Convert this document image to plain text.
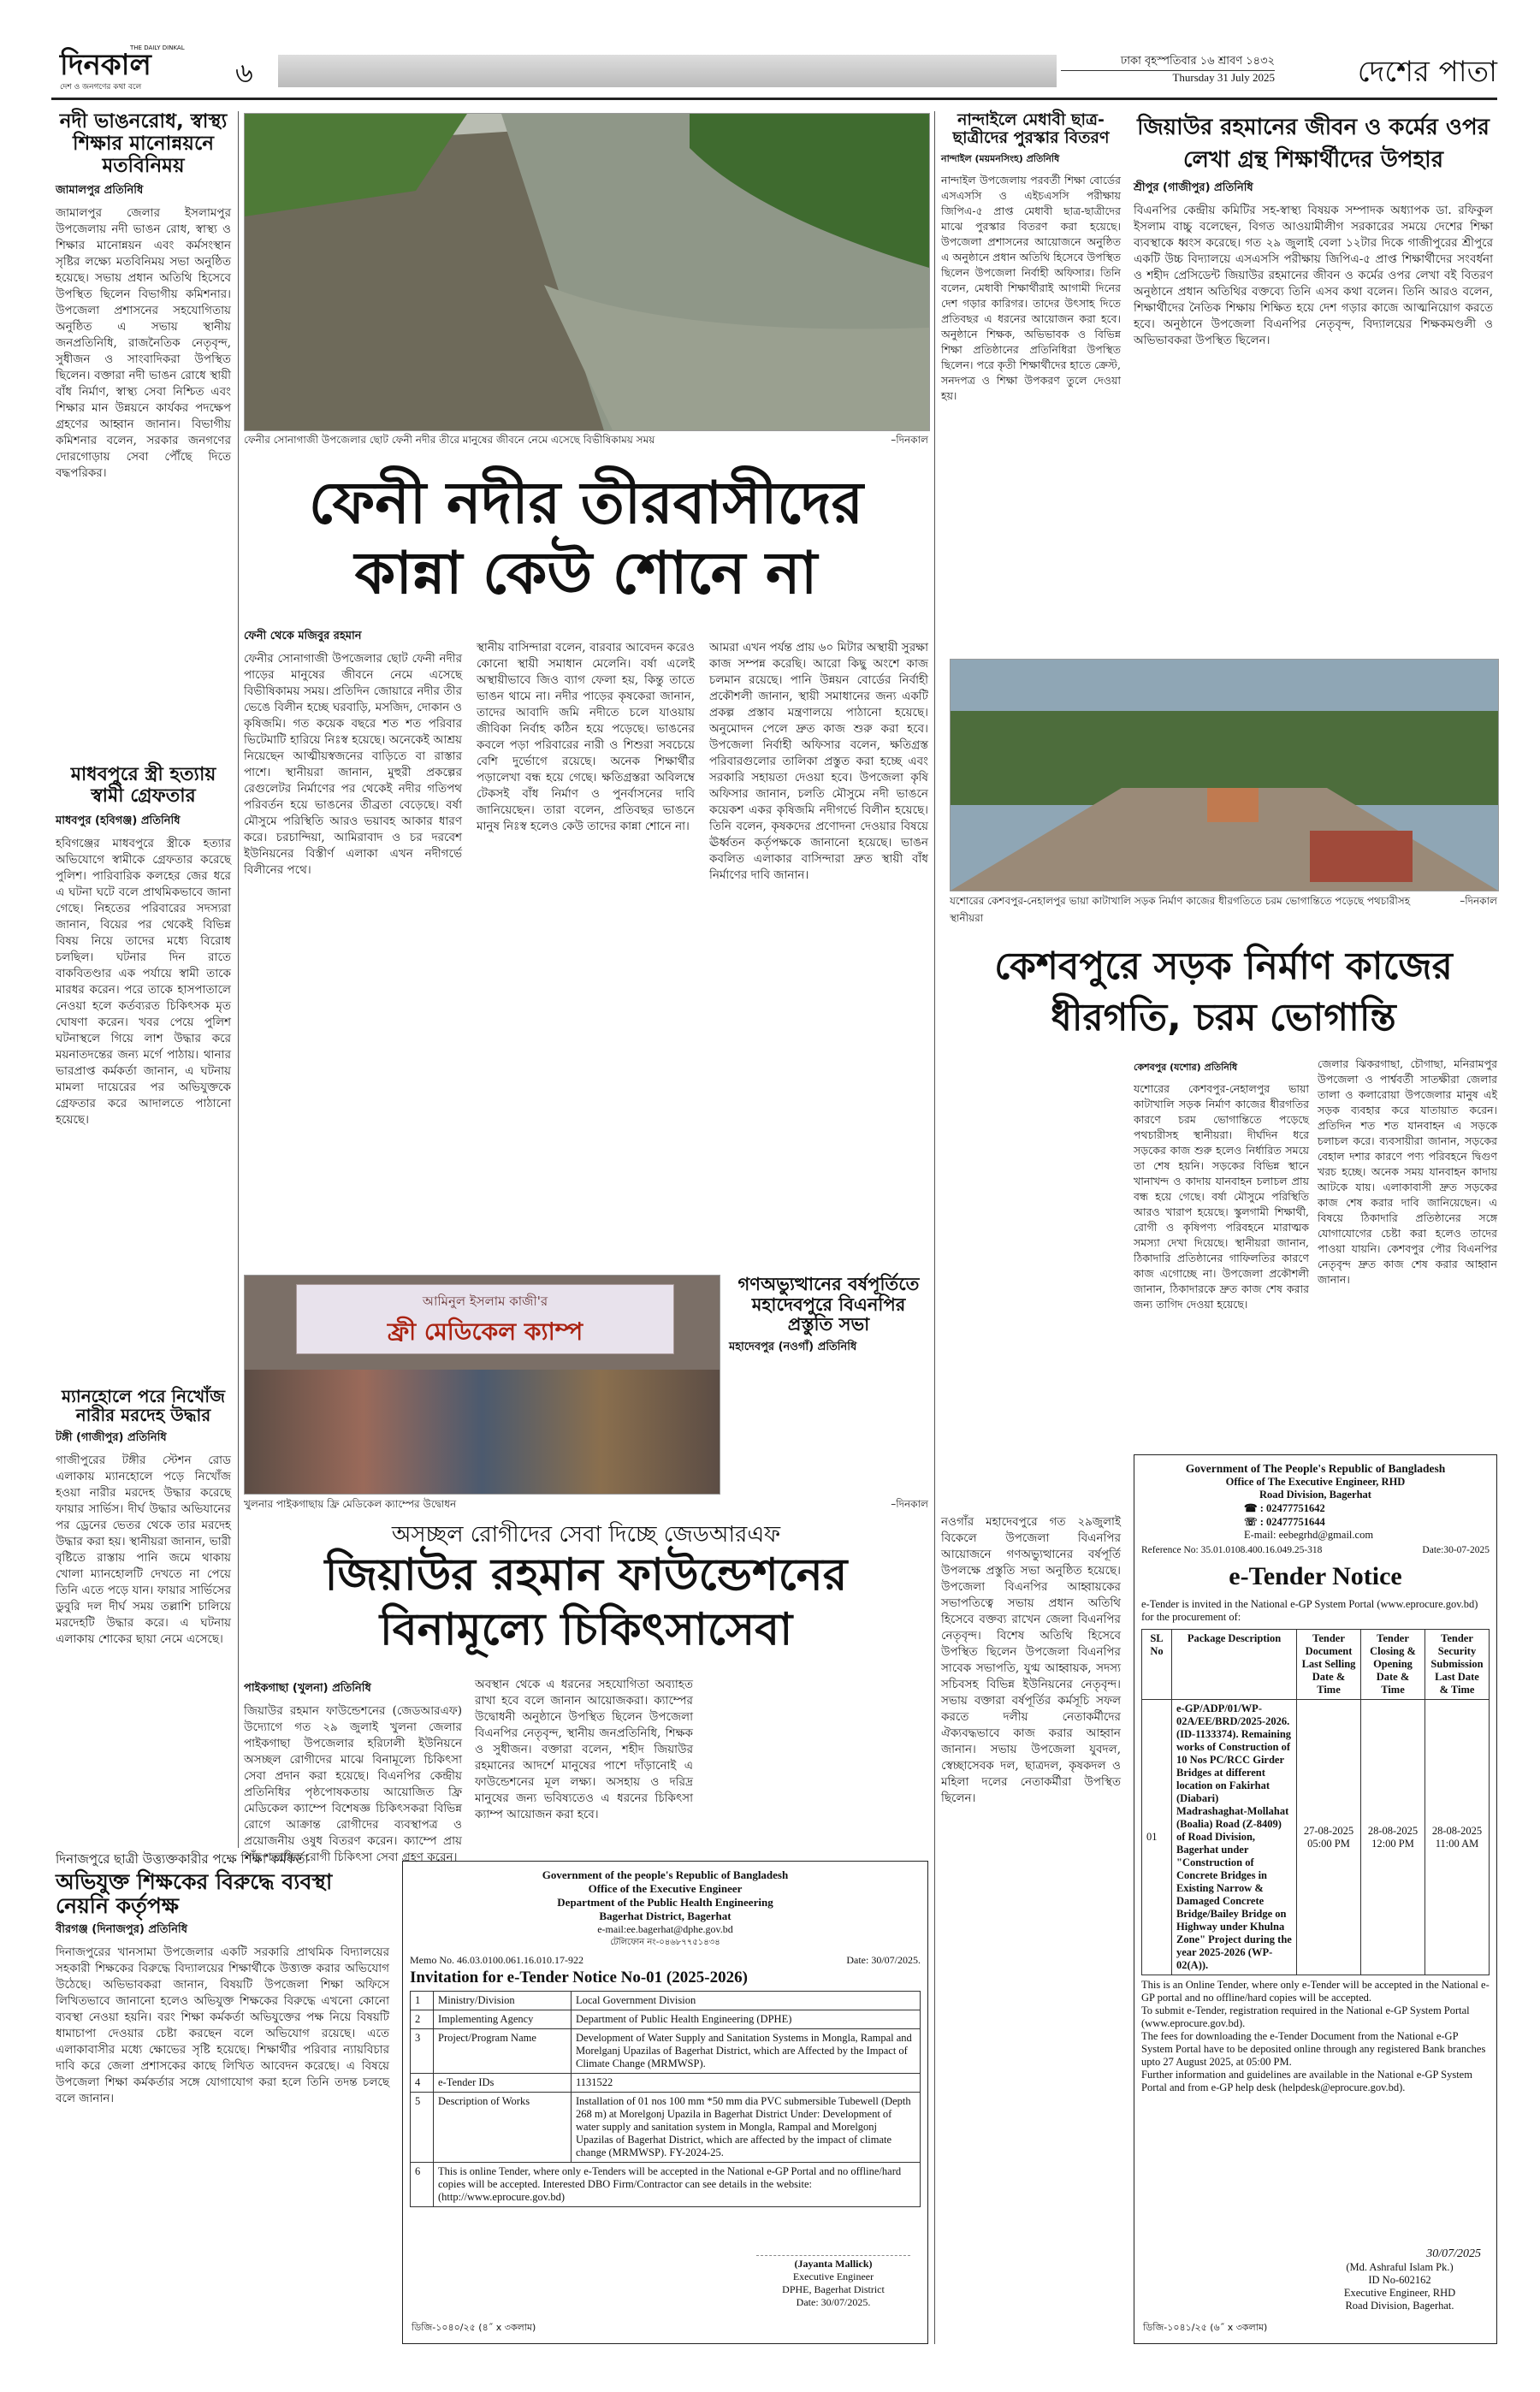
দিনকাল
দেশ ও জনগণের কথা বলে
THE DAILY DINKAL
৬	ঢাকা বৃহস্পতিবার ১৬ শ্রাবণ ১৪৩২
Thursday 31 July 2025	দেশের পাতা
নদী ভাঙনরোধ, স্বাস্থ্য শিক্ষার মানোন্নয়নে মতবিনিময়
জামালপুর প্রতিনিধি
জামালপুর জেলার ইসলামপুর উপজেলায় নদী ভাঙন রোধ, স্বাস্থ্য ও শিক্ষার মানোন্নয়ন এবং কর্মসংস্থান সৃষ্টির লক্ষ্যে মতবিনিময় সভা অনুষ্ঠিত হয়েছে। সভায় প্রধান অতিথি হিসেবে উপস্থিত ছিলেন বিভাগীয় কমিশনার। উপজেলা প্রশাসনের সহযোগিতায় অনুষ্ঠিত এ সভায় স্থানীয় জনপ্রতিনিধি, রাজনৈতিক নেতৃবৃন্দ, সুধীজন ও সাংবাদিকরা উপস্থিত ছিলেন। বক্তারা নদী ভাঙন রোধে স্থায়ী বাঁধ নির্মাণ, স্বাস্থ্য সেবা নিশ্চিত এবং শিক্ষার মান উন্নয়নে কার্যকর পদক্ষেপ গ্রহণের আহ্বান জানান। বিভাগীয় কমিশনার বলেন, সরকার জনগণের দোরগোড়ায় সেবা পৌঁছে দিতে বদ্ধপরিকর।
মাধবপুরে স্ত্রী হত্যায় স্বামী গ্রেফতার
মাধবপুর (হবিগঞ্জ) প্রতিনিধি
হবিগঞ্জের মাধবপুরে স্ত্রীকে হত্যার অভিযোগে স্বামীকে গ্রেফতার করেছে পুলিশ। পারিবারিক কলহের জের ধরে এ ঘটনা ঘটে বলে প্রাথমিকভাবে জানা গেছে। নিহতের পরিবারের সদস্যরা জানান, বিয়ের পর থেকেই বিভিন্ন বিষয় নিয়ে তাদের মধ্যে বিরোধ চলছিল। ঘটনার দিন রাতে বাকবিতণ্ডার এক পর্যায়ে স্বামী তাকে মারধর করেন। পরে তাকে হাসপাতালে নেওয়া হলে কর্তব্যরত চিকিৎসক মৃত ঘোষণা করেন। খবর পেয়ে পুলিশ ঘটনাস্থলে গিয়ে লাশ উদ্ধার করে ময়নাতদন্তের জন্য মর্গে পাঠায়। থানার ভারপ্রাপ্ত কর্মকর্তা জানান, এ ঘটনায় মামলা দায়েরের পর অভিযুক্তকে গ্রেফতার করে আদালতে পাঠানো হয়েছে।
ম্যানহোলে পরে নিখোঁজ নারীর মরদেহ উদ্ধার
টঙ্গী (গাজীপুর) প্রতিনিধি
গাজীপুরের টঙ্গীর স্টেশন রোড এলাকায় ম্যানহোলে পড়ে নিখোঁজ হওয়া নারীর মরদেহ উদ্ধার করেছে ফায়ার সার্ভিস। দীর্ঘ উদ্ধার অভিযানের পর ড্রেনের ভেতর থেকে তার মরদেহ উদ্ধার করা হয়। স্থানীয়রা জানান, ভারী বৃষ্টিতে রাস্তায় পানি জমে থাকায় খোলা ম্যানহোলটি দেখতে না পেয়ে তিনি এতে পড়ে যান। ফায়ার সার্ভিসের ডুবুরি দল দীর্ঘ সময় তল্লাশি চালিয়ে মরদেহটি উদ্ধার করে। এ ঘটনায় এলাকায় শোকের ছায়া নেমে এসেছে।
ফেনীর সোনাগাজী উপজেলার ছোট ফেনী নদীর তীরে মানুষের জীবনে নেমে এসেছে বিভীষিকাময় সময়	–দিনকাল
ফেনী নদীর তীরবাসীদের
কান্না কেউ শোনে না
ফেনী থেকে মজিবুর রহমান
ফেনীর সোনাগাজী উপজেলার ছোট ফেনী নদীর পাড়ের মানুষের জীবনে নেমে এসেছে বিভীষিকাময় সময়। প্রতিদিন জোয়ারে নদীর তীর ভেঙে বিলীন হচ্ছে ঘরবাড়ি, মসজিদ, দোকান ও কৃষিজমি। গত কয়েক বছরে শত শত পরিবার ভিটেমাটি হারিয়ে নিঃস্ব হয়েছে। অনেকেই আশ্রয় নিয়েছেন আত্মীয়স্বজনের বাড়িতে বা রাস্তার পাশে। স্থানীয়রা জানান, মুহুরী প্রকল্পের রেগুলেটর নির্মাণের পর থেকেই নদীর গতিপথ পরিবর্তন হয়ে ভাঙনের তীব্রতা বেড়েছে। বর্ষা মৌসুমে পরিস্থিতি আরও ভয়াবহ আকার ধারণ করে। চরচান্দিয়া, আমিরাবাদ ও চর দরবেশ ইউনিয়নের বিস্তীর্ণ এলাকা এখন নদীগর্ভে বিলীনের পথে।
স্থানীয় বাসিন্দারা বলেন, বারবার আবেদন করেও কোনো স্থায়ী সমাধান মেলেনি। বর্ষা এলেই অস্থায়ীভাবে জিও ব্যাগ ফেলা হয়, কিন্তু তাতে ভাঙন থামে না। নদীর পাড়ের কৃষকেরা জানান, তাদের আবাদি জমি নদীতে চলে যাওয়ায় জীবিকা নির্বাহ কঠিন হয়ে পড়েছে। ভাঙনের কবলে পড়া পরিবারের নারী ও শিশুরা সবচেয়ে বেশি দুর্ভোগে রয়েছে। অনেক শিক্ষার্থীর পড়ালেখা বন্ধ হয়ে গেছে। ক্ষতিগ্রস্তরা অবিলম্বে টেকসই বাঁধ নির্মাণ ও পুনর্বাসনের দাবি জানিয়েছেন। তারা বলেন, প্রতিবছর ভাঙনে মানুষ নিঃস্ব হলেও কেউ তাদের কান্না শোনে না।
আমরা এখন পর্যন্ত প্রায় ৬০ মিটার অস্থায়ী সুরক্ষা কাজ সম্পন্ন করেছি। আরো কিছু অংশে কাজ চলমান রয়েছে। পানি উন্নয়ন বোর্ডের নির্বাহী প্রকৌশলী জানান, স্থায়ী সমাধানের জন্য একটি প্রকল্প প্রস্তাব মন্ত্রণালয়ে পাঠানো হয়েছে। অনুমোদন পেলে দ্রুত কাজ শুরু করা হবে। উপজেলা নির্বাহী অফিসার বলেন, ক্ষতিগ্রস্ত পরিবারগুলোর তালিকা প্রস্তুত করা হচ্ছে এবং সরকারি সহায়তা দেওয়া হবে। উপজেলা কৃষি অফিসার জানান, চলতি মৌসুমে নদী ভাঙনে কয়েকশ একর কৃষিজমি নদীগর্ভে বিলীন হয়েছে। তিনি বলেন, কৃষকদের প্রণোদনা দেওয়ার বিষয়ে ঊর্ধ্বতন কর্তৃপক্ষকে জানানো হয়েছে। ভাঙন কবলিত এলাকার বাসিন্দারা দ্রুত স্থায়ী বাঁধ নির্মাণের দাবি জানান।
আমিনুল ইসলাম কাজী'র
ফ্রী মেডিকেল ক্যাম্প
খুলনার পাইকগাছায় ফ্রি মেডিকেল ক্যাম্পের উদ্বোধন	–দিনকাল
গণঅভ্যুত্থানের বর্ষপূর্তিতে মহাদেবপুরে বিএনপির প্রস্তুতি সভা
মহাদেবপুর (নওগাঁ) প্রতিনিধি
নওগাঁর মহাদেবপুরে গত ২৯জুলাই বিকেলে উপজেলা বিএনপির আয়োজনে গণঅভ্যুত্থানের বর্ষপূর্তি উপলক্ষে প্রস্তুতি সভা অনুষ্ঠিত হয়েছে। উপজেলা বিএনপির আহ্বায়কের সভাপতিত্বে সভায় প্রধান অতিথি হিসেবে বক্তব্য রাখেন জেলা বিএনপির নেতৃবৃন্দ। বিশেষ অতিথি হিসেবে উপস্থিত ছিলেন উপজেলা বিএনপির সাবেক সভাপতি, যুগ্ম আহ্বায়ক, সদস্য সচিবসহ বিভিন্ন ইউনিয়নের নেতৃবৃন্দ। সভায় বক্তারা বর্ষপূর্তির কর্মসূচি সফল করতে দলীয় নেতাকর্মীদের ঐক্যবদ্ধভাবে কাজ করার আহ্বান জানান। সভায় উপজেলা যুবদল, স্বেচ্ছাসেবক দল, ছাত্রদল, কৃষকদল ও মহিলা দলের নেতাকর্মীরা উপস্থিত ছিলেন।
অসচ্ছল রোগীদের সেবা দিচ্ছে জেডআরএফ
জিয়াউর রহমান ফাউন্ডেশনের
বিনামূল্যে চিকিৎসাসেবা
পাইকগাছা (খুলনা) প্রতিনিধি
জিয়াউর রহমান ফাউন্ডেশনের (জেডআরএফ) উদ্যোগে গত ২৯ জুলাই খুলনা জেলার পাইকগাছা উপজেলার হরিঢালী ইউনিয়নে অসচ্ছল রোগীদের মাঝে বিনামূল্যে চিকিৎসা সেবা প্রদান করা হয়েছে। বিএনপির কেন্দ্রীয় প্রতিনিধির পৃষ্ঠপোষকতায় আয়োজিত ফ্রি মেডিকেল ক্যাম্পে বিশেষজ্ঞ চিকিৎসকরা বিভিন্ন রোগে আক্রান্ত রোগীদের ব্যবস্থাপত্র ও প্রয়োজনীয় ওষুধ বিতরণ করেন। ক্যাম্পে প্রায় পাঁচ শতাধিক রোগী চিকিৎসা সেবা গ্রহণ করেন।
অবস্থান থেকে এ ধরনের সহযোগিতা অব্যাহত রাখা হবে বলে জানান আয়োজকরা। ক্যাম্পের উদ্বোধনী অনুষ্ঠানে উপস্থিত ছিলেন উপজেলা বিএনপির নেতৃবৃন্দ, স্থানীয় জনপ্রতিনিধি, শিক্ষক ও সুধীজন। বক্তারা বলেন, শহীদ জিয়াউর রহমানের আদর্শে মানুষের পাশে দাঁড়ানোই এ ফাউন্ডেশনের মূল লক্ষ্য। অসহায় ও দরিদ্র মানুষের জন্য ভবিষ্যতেও এ ধরনের চিকিৎসা ক্যাম্প আয়োজন করা হবে।
দিনাজপুরে ছাত্রী উত্ত্যক্তকারীর পক্ষে শিক্ষা কর্মকর্তা
অভিযুক্ত শিক্ষকের বিরুদ্ধে ব্যবস্থা নেয়নি কর্তৃপক্ষ
বীরগঞ্জ (দিনাজপুর) প্রতিনিধি
দিনাজপুরের খানসামা উপজেলার একটি সরকারি প্রাথমিক বিদ্যালয়ের সহকারী শিক্ষকের বিরুদ্ধে বিদ্যালয়ের শিক্ষার্থীকে উত্ত্যক্ত করার অভিযোগ উঠেছে। অভিভাবকরা জানান, বিষয়টি উপজেলা শিক্ষা অফিসে লিখিতভাবে জানানো হলেও অভিযুক্ত শিক্ষকের বিরুদ্ধে এখনো কোনো ব্যবস্থা নেওয়া হয়নি। বরং শিক্ষা কর্মকর্তা অভিযুক্তের পক্ষ নিয়ে বিষয়টি ধামাচাপা দেওয়ার চেষ্টা করছেন বলে অভিযোগ রয়েছে। এতে এলাকাবাসীর মধ্যে ক্ষোভের সৃষ্টি হয়েছে। শিক্ষার্থীর পরিবার ন্যায়বিচার দাবি করে জেলা প্রশাসকের কাছে লিখিত আবেদন করেছে। এ বিষয়ে উপজেলা শিক্ষা কর্মকর্তার সঙ্গে যোগাযোগ করা হলে তিনি তদন্ত চলছে বলে জানান।
Government of the people's Republic of Bangladesh
Office of the Executive Engineer
Department of the Public Health Engineering
Bagerhat District, Bagerhat
e-mail:ee.bagerhat@dphe.gov.bd
টেলিফোন নং-০৪৬৮৭৭৫১৪৩৪
Memo No. 46.03.0100.061.16.010.17-922	Date: 30/07/2025.
Invitation for e-Tender Notice No-01 (2025-2026)
1	Ministry/Division	Local Government Division
2	Implementing Agency	Department of Public Health Engineering (DPHE)
3	Project/Program Name	Development of Water Supply and Sanitation Systems in Mongla, Rampal and Morelganj Upazilas of Bagerhat District, which are Affected by the Impact of Climate Change (MRMWSP).
4	e-Tender IDs	1131522
5	Description of Works	Installation of 01 nos 100 mm *50 mm dia PVC submersible Tubewell (Depth 268 m) at Morelgonj Upazila in Bagerhat District Under: Development of water supply and sanitation system in Mongla, Rampal and Morelgonj Upazilas of Bagerhat District, which are affected by the impact of climate change (MRMWSP). FY-2024-25.
6	This is online Tender, where only e-Tenders will be accepted in the National e-GP Portal and no offline/hard copies will be accepted. Interested DBO Firm/Contractor can see details in the website: (http://www.eprocure.gov.bd)	
(Jayanta Mallick)
Executive Engineer
DPHE, Bagerhat District
Date: 30/07/2025.
ডিজি-১০৪০/২৫ (৪˝ x ৩কলাম)
নান্দাইলে মেধাবী ছাত্র-ছাত্রীদের পুরস্কার বিতরণ
নান্দাইল (ময়মনসিংহ) প্রতিনিধি
নান্দাইল উপজেলায় পরবর্তী শিক্ষা বোর্ডের এসএসসি ও এইচএসসি পরীক্ষায় জিপিএ-৫ প্রাপ্ত মেধাবী ছাত্র-ছাত্রীদের মাঝে পুরস্কার বিতরণ করা হয়েছে। উপজেলা প্রশাসনের আয়োজনে অনুষ্ঠিত এ অনুষ্ঠানে প্রধান অতিথি হিসেবে উপস্থিত ছিলেন উপজেলা নির্বাহী অফিসার। তিনি বলেন, মেধাবী শিক্ষার্থীরাই আগামী দিনের দেশ গড়ার কারিগর। তাদের উৎসাহ দিতে প্রতিবছর এ ধরনের আয়োজন করা হবে। অনুষ্ঠানে শিক্ষক, অভিভাবক ও বিভিন্ন শিক্ষা প্রতিষ্ঠানের প্রতিনিধিরা উপস্থিত ছিলেন। পরে কৃতী শিক্ষার্থীদের হাতে ক্রেস্ট, সনদপত্র ও শিক্ষা উপকরণ তুলে দেওয়া হয়।
জিয়াউর রহমানের জীবন ও কর্মের ওপর লেখা গ্রন্থ শিক্ষার্থীদের উপহার
শ্রীপুর (গাজীপুর) প্রতিনিধি
বিএনপির কেন্দ্রীয় কমিটির সহ-স্বাস্থ্য বিষয়ক সম্পাদক অধ্যাপক ডা. রফিকুল ইসলাম বাচ্চু বলেছেন, বিগত আওয়ামীলীগ সরকারের সময়ে দেশের শিক্ষা ব্যবস্থাকে ধ্বংস করেছে। গত ২৯ জুলাই বেলা ১২টার দিকে গাজীপুরের শ্রীপুরে একটি উচ্চ বিদ্যালয়ে এসএসসি পরীক্ষায় জিপিএ-৫ প্রাপ্ত শিক্ষার্থীদের সংবর্ধনা ও শহীদ প্রেসিডেন্ট জিয়াউর রহমানের জীবন ও কর্মের ওপর লেখা বই বিতরণ অনুষ্ঠানে প্রধান অতিথির বক্তব্যে তিনি এসব কথা বলেন। তিনি আরও বলেন, শিক্ষার্থীদের নৈতিক শিক্ষায় শিক্ষিত হয়ে দেশ গড়ার কাজে আত্মনিয়োগ করতে হবে। অনুষ্ঠানে উপজেলা বিএনপির নেতৃবৃন্দ, বিদ্যালয়ের শিক্ষকমণ্ডলী ও অভিভাবকরা উপস্থিত ছিলেন।
যশোরের কেশবপুর-নেহালপুর ভায়া কাটাখালি সড়ক নির্মাণ কাজের ধীরগতিতে চরম ভোগান্তিতে পড়েছে পথচারীসহ স্থানীয়রা
–দিনকাল
কেশবপুরে সড়ক নির্মাণ কাজের
ধীরগতি, চরম ভোগান্তি
কেশবপুর (যশোর) প্রতিনিধি
যশোরের কেশবপুর-নেহালপুর ভায়া কাটাখালি সড়ক নির্মাণ কাজের ধীরগতির কারণে চরম ভোগান্তিতে পড়েছে পথচারীসহ স্থানীয়রা। দীর্ঘদিন ধরে সড়কের কাজ শুরু হলেও নির্ধারিত সময়ে তা শেষ হয়নি। সড়কের বিভিন্ন স্থানে খানাখন্দ ও কাদায় যানবাহন চলাচল প্রায় বন্ধ হয়ে গেছে। বর্ষা মৌসুমে পরিস্থিতি আরও খারাপ হয়েছে। স্কুলগামী শিক্ষার্থী, রোগী ও কৃষিপণ্য পরিবহনে মারাত্মক সমস্যা দেখা দিয়েছে। স্থানীয়রা জানান, ঠিকাদারি প্রতিষ্ঠানের গাফিলতির কারণে কাজ এগোচ্ছে না। উপজেলা প্রকৌশলী জানান, ঠিকাদারকে দ্রুত কাজ শেষ করার জন্য তাগিদ দেওয়া হয়েছে।
জেলার ঝিকরগাছা, চৌগাছা, মনিরামপুর উপজেলা ও পার্শ্ববর্তী সাতক্ষীরা জেলার তালা ও কলারোয়া উপজেলার মানুষ এই সড়ক ব্যবহার করে যাতায়াত করেন। প্রতিদিন শত শত যানবাহন এ সড়কে চলাচল করে। ব্যবসায়ীরা জানান, সড়কের বেহাল দশার কারণে পণ্য পরিবহনে দ্বিগুণ খরচ হচ্ছে। অনেক সময় যানবাহন কাদায় আটকে যায়। এলাকাবাসী দ্রুত সড়কের কাজ শেষ করার দাবি জানিয়েছেন। এ বিষয়ে ঠিকাদারি প্রতিষ্ঠানের সঙ্গে যোগাযোগের চেষ্টা করা হলেও তাদের পাওয়া যায়নি। কেশবপুর পৌর বিএনপির নেতৃবৃন্দ দ্রুত কাজ শেষ করার আহ্বান জানান।
Government of The People's Republic of Bangladesh
Office of The Executive Engineer, RHD
Road Division, Bagerhat
☎ : 02477751642
☏ : 02477751644
E-mail: eebegrhd@gmail.com
Reference No: 35.01.0108.400.16.049.25-318	Date:30-07-2025
e-Tender Notice
e-Tender is invited in the National e-GP System Portal (www.eprocure.gov.bd) for the procurement of:
SL No	Package Description	Tender Document Last Selling Date & Time	Tender Closing & Opening Date & Time	Tender Security Submission Last Date & Time
01	e-GP/ADP/01/WP-02A/EE/BRD/2025-2026.(ID-1133374). Remaining works of Construction of 10 Nos PC/RCC Girder Bridges at different location on Fakirhat (Diabari) Madrashaghat-Mollahat (Boalia) Road (Z-8409) of Road Division, Bagerhat under "Construction of Concrete Bridges in Existing Narrow & Damaged Concrete Bridge/Bailey Bridge on Highway under Khulna Zone" Project during the year 2025-2026 (WP-02(A)).	27-08-2025 05:00 PM	28-08-2025 12:00 PM	28-08-2025 11:00 AM
This is an Online Tender, where only e-Tender will be accepted in the National e-GP portal and no offline/hard copies will be accepted.
To submit e-Tender, registration required in the National e-GP System Portal (www.eprocure.gov.bd).
The fees for downloading the e-Tender Document from the National e-GP System Portal have to be deposited online through any registered Bank branches upto 27 August 2025, at 05:00 PM.
Further information and guidelines are available in the National e-GP System Portal and from e-GP help desk (helpdesk@eprocure.gov.bd).
30/07/2025
(Md. Ashraful Islam Pk.)
ID No-602162
Executive Engineer, RHD
Road Division, Bagerhat.
ডিজি-১০৪১/২৫ (৬˝ x ৩কলাম)
